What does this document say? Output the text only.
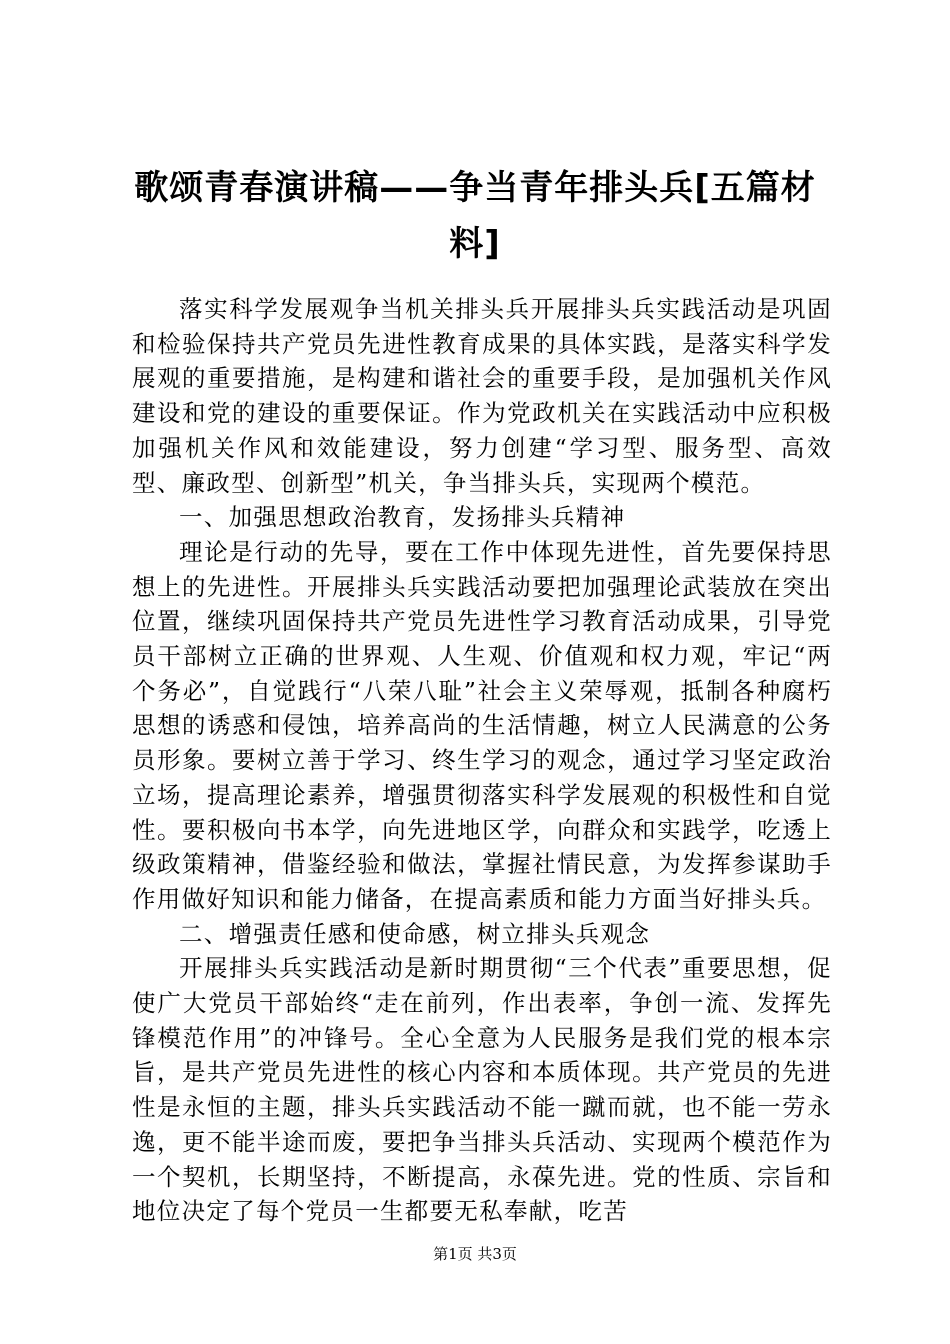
歌颂青春演讲稿——争当青年排头兵[五篇材料]

落实科学发展观争当机关排头兵开展排头兵实践活动是巩固和检验保持共产党员先进性教育成果的具体实践，是落实科学发展观的重要措施，是构建和谐社会的重要手段，是加强机关作风建设和党的建设的重要保证。作为党政机关在实践活动中应积极加强机关作风和效能建设，努力创建“学习型、服务型、高效型、廉政型、创新型”机关，争当排头兵，实现两个模范。

一、加强思想政治教育，发扬排头兵精神

理论是行动的先导，要在工作中体现先进性，首先要保持思想上的先进性。开展排头兵实践活动要把加强理论武装放在突出位置，继续巩固保持共产党员先进性学习教育活动成果，引导党员干部树立正确的世界观、人生观、价值观和权力观，牢记“两个务必”，自觉践行“八荣八耻”社会主义荣辱观，抵制各种腐朽思想的诱惑和侵蚀，培养高尚的生活情趣，树立人民满意的公务员形象。要树立善于学习、终生学习的观念，通过学习坚定政治立场，提高理论素养，增强贯彻落实科学发展观的积极性和自觉性。要积极向书本学，向先进地区学，向群众和实践学，吃透上级政策精神，借鉴经验和做法，掌握社情民意，为发挥参谋助手作用做好知识和能力储备，在提高素质和能力方面当好排头兵。

二、增强责任感和使命感，树立排头兵观念

开展排头兵实践活动是新时期贯彻“三个代表”重要思想，促使广大党员干部始终“走在前列，作出表率，争创一流、发挥先锋模范作用”的冲锋号。全心全意为人民服务是我们党的根本宗旨，是共产党员先进性的核心内容和本质体现。共产党员的先进性是永恒的主题，排头兵实践活动不能一蹴而就，也不能一劳永逸，更不能半途而废，要把争当排头兵活动、实现两个模范作为一个契机，长期坚持，不断提高，永葆先进。党的性质、宗旨和地位决定了每个党员一生都要无私奉献，吃苦

第1页 共3页
